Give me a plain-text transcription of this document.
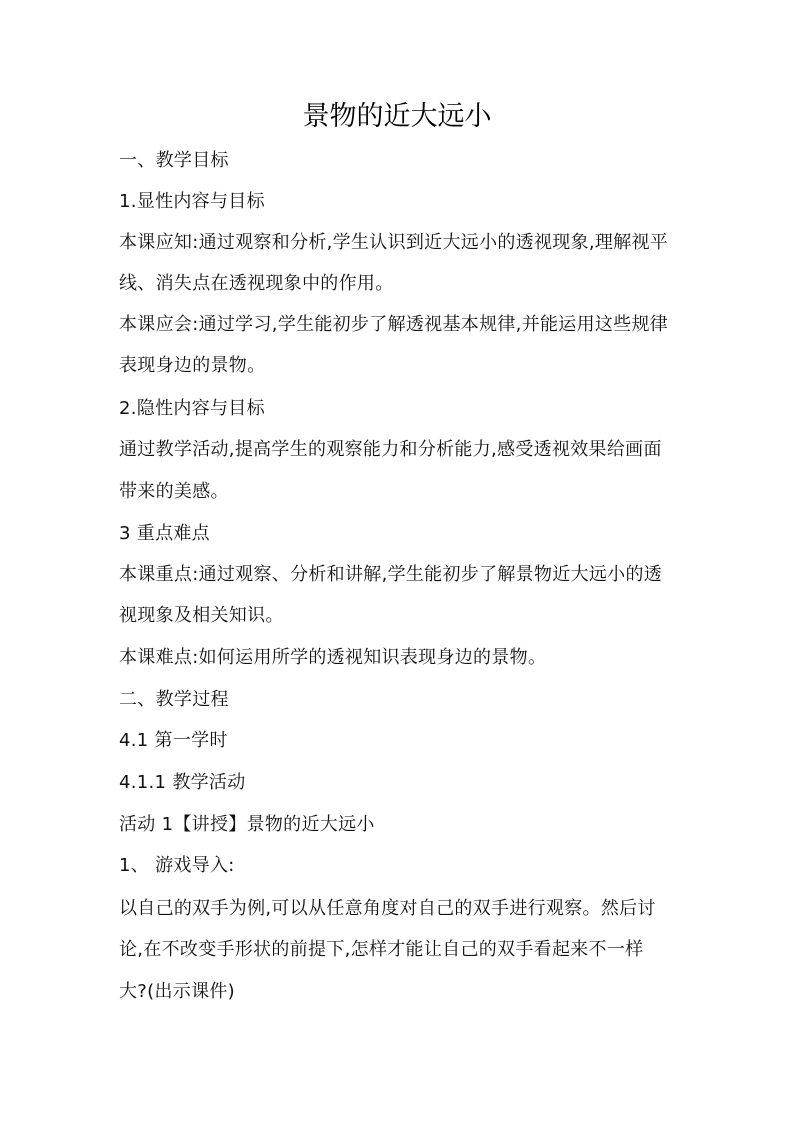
景物的近大远小
一、教学目标
1.显性内容与目标
本课应知:通过观察和分析,学生认识到近大远小的透视现象,理解视平
线、消失点在透视现象中的作用。
本课应会:通过学习,学生能初步了解透视基本规律,并能运用这些规律
表现身边的景物。
2.隐性内容与目标
通过教学活动,提高学生的观察能力和分析能力,感受透视效果给画面
带来的美感。
3 重点难点
本课重点:通过观察、分析和讲解,学生能初步了解景物近大远小的透
视现象及相关知识。
本课难点:如何运用所学的透视知识表现身边的景物。
二、教学过程
4.1 第一学时
4.1.1 教学活动
活动 1【讲授】景物的近大远小
1、 游戏导入:
以自己的双手为例,可以从任意角度对自己的双手进行观察。然后讨
论,在不改变手形状的前提下,怎样才能让自己的双手看起来不一样
大?(出示课件)
